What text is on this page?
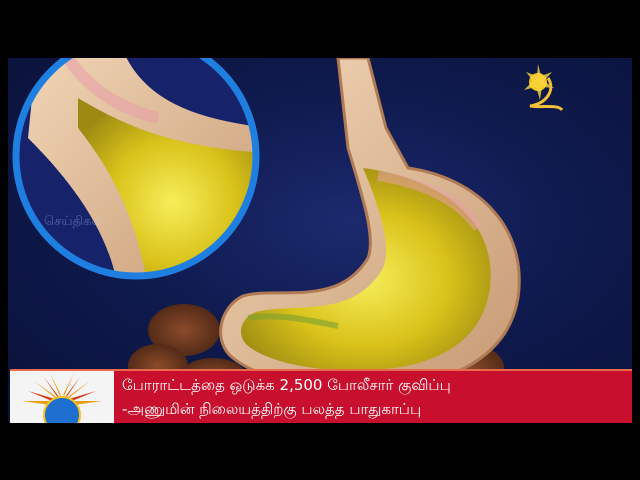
செய்திகள்
போராட்டத்தை ஒடுக்க 2,500 போலீசார் குவிப்பு
-அணுமின் நிலையத்திற்கு பலத்த பாதுகாப்பு
